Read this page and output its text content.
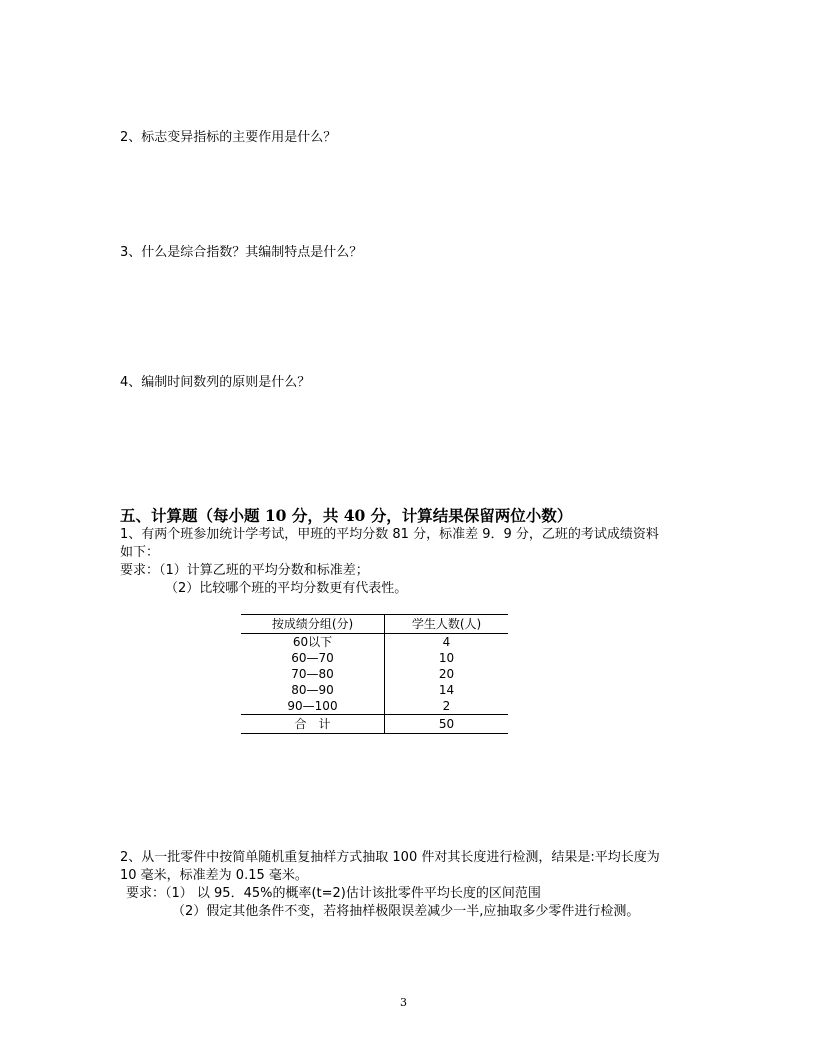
2、标志变异指标的主要作用是什么？
3、什么是综合指数？其编制特点是什么？
4、编制时间数列的原则是什么？
五、计算题（每小题 10 分，共 40 分，计算结果保留两位小数）
1、有两个班参加统计学考试，甲班的平均分数 81 分，标准差 9．9 分，乙班的考试成绩资料
如下：
要求：（1）计算乙班的平均分数和标准差；
（2）比较哪个班的平均分数更有代表性。
按成绩分组(分)	学生人数(人)
60以下	4
60—70	10
70—80	20
80—90	14
90—100	2
合　计	50
2、从一批零件中按简单随机重复抽样方式抽取 100 件对其长度进行检测，结果是:平均长度为
10 毫米，标准差为 0.15 毫米。
要求：（1） 以 95．45%的概率(t=2)估计该批零件平均长度的区间范围
（2）假定其他条件不变，若将抽样极限误差减少一半,应抽取多少零件进行检测。
3
